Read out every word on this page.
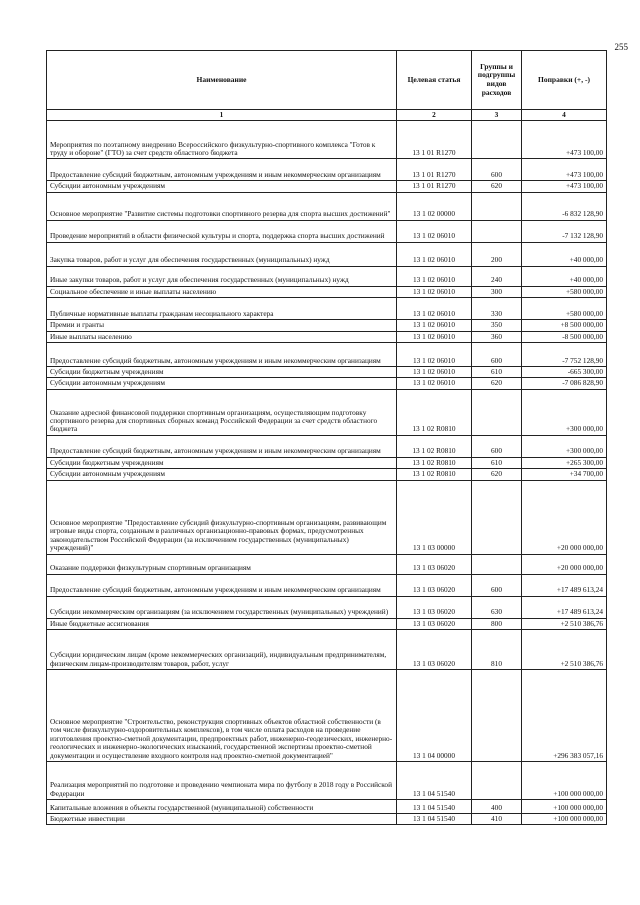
255
Наименование	Целевая статья	Группы и подгруппы видов расходов	Поправки (+, -)
1	2	3	4
Мероприятия по поэтапному внедрению Всероссийского физкультурно-спортивного комплекса "Готов к труду и обороне" (ГТО) за счет средств областного бюджета	13 1 01 R1270		+473 100,00
Предоставление субсидий бюджетным, автономным учреждениям и иным некоммерческим организациям	13 1 01 R1270	600	+473 100,00
Субсидии автономным учреждениям	13 1 01 R1270	620	+473 100,00
Основное мероприятие "Развитие системы подготовки спортивного резерва для спорта высших достижений"	13 1 02 00000		-6 832 128,90
Проведение мероприятий в области физической культуры и спорта, поддержка спорта высших достижений	13 1 02 06010		-7 132 128,90
Закупка товаров, работ и услуг для обеспечения государственных (муниципальных) нужд	13 1 02 06010	200	+40 000,00
Иные закупки товаров, работ и услуг для обеспечения государственных (муниципальных) нужд	13 1 02 06010	240	+40 000,00
Социальное обеспечение и иные выплаты населению	13 1 02 06010	300	+580 000,00
Публичные нормативные выплаты гражданам несоциального характера	13 1 02 06010	330	+580 000,00
Премии и гранты	13 1 02 06010	350	+8 500 000,00
Иные выплаты населению	13 1 02 06010	360	-8 500 000,00
Предоставление субсидий бюджетным, автономным учреждениям и иным некоммерческим организациям	13 1 02 06010	600	-7 752 128,90
Субсидии бюджетным учреждениям	13 1 02 06010	610	-665 300,00
Субсидии автономным учреждениям	13 1 02 06010	620	-7 086 828,90
Оказание адресной финансовой поддержки спортивным организациям, осуществляющим подготовку спортивного резерва для спортивных сборных команд Российской Федерации за счет средств областного бюджета	13 1 02 R0810		+300 000,00
Предоставление субсидий бюджетным, автономным учреждениям и иным некоммерческим организациям	13 1 02 R0810	600	+300 000,00
Субсидии бюджетным учреждениям	13 1 02 R0810	610	+265 300,00
Субсидии автономным учреждениям	13 1 02 R0810	620	+34 700,00
Основное мероприятие "Предоставление субсидий физкультурно-спортивным организациям, развивающим игровые виды спорта, созданным в различных организационно-правовых формах, предусмотренных законодательством Российской Федерации (за исключением государственных (муниципальных) учреждений)"	13 1 03 00000		+20 000 000,00
Оказание поддержки физкультурным спортивным организациям	13 1 03 06020		+20 000 000,00
Предоставление субсидий бюджетным, автономным учреждениям и иным некоммерческим организациям	13 1 03 06020	600	+17 489 613,24
Субсидии некоммерческим организациям (за исключением государственных (муниципальных) учреждений)	13 1 03 06020	630	+17 489 613,24
Иные бюджетные ассигнования	13 1 03 06020	800	+2 510 386,76
Субсидии юридическим лицам (кроме некоммерческих организаций), индивидуальным предпринимателям, физическим лицам-производителям товаров, работ, услуг	13 1 03 06020	810	+2 510 386,76
Основное мероприятие "Строительство, реконструкция спортивных объектов областной собственности (в том числе физкультурно-оздоровительных комплексов), в том числе оплата расходов на проведение изготовления проектно-сметной документации, предпроектных работ, инженерно-геодезических, инженерно-геологических и инженерно-экологических изысканий, государственной экспертизы проектно-сметной документации и осуществление входного контроля над проектно-сметной документацией"	13 1 04 00000		+296 383 057,16
Реализация мероприятий по подготовке и проведению чемпионата мира по футболу в 2018 году в Российской Федерации	13 1 04 51540		+100 000 000,00
Капитальные вложения в объекты государственной (муниципальной) собственности	13 1 04 51540	400	+100 000 000,00
Бюджетные инвестиции	13 1 04 51540	410	+100 000 000,00
